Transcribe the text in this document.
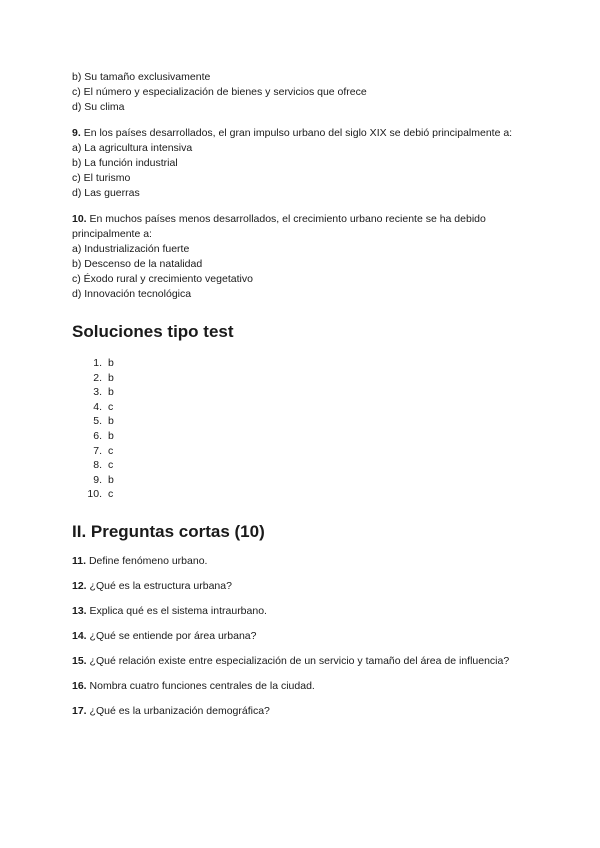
b) Su tamaño exclusivamente

c) El número y especialización de bienes y servicios que ofrece

d) Su clima

9. En los países desarrollados, el gran impulso urbano del siglo XIX se debió principalmente a:

a) La agricultura intensiva

b) La función industrial

c) El turismo

d) Las guerras

10. En muchos países menos desarrollados, el crecimiento urbano reciente se ha debido principalmente a:

a) Industrialización fuerte

b) Descenso de la natalidad

c) Éxodo rural y crecimiento vegetativo

d) Innovación tecnológica

Soluciones tipo test
1. b
2. b
3. b
4. c
5. b
6. b
7. c
8. c
9. b
10. c
II. Preguntas cortas (10)

11. Define fenómeno urbano.

12. ¿Qué es la estructura urbana?

13. Explica qué es el sistema intraurbano.

14. ¿Qué se entiende por área urbana?

15. ¿Qué relación existe entre especialización de un servicio y tamaño del área de influencia?

16. Nombra cuatro funciones centrales de la ciudad.

17. ¿Qué es la urbanización demográfica?
